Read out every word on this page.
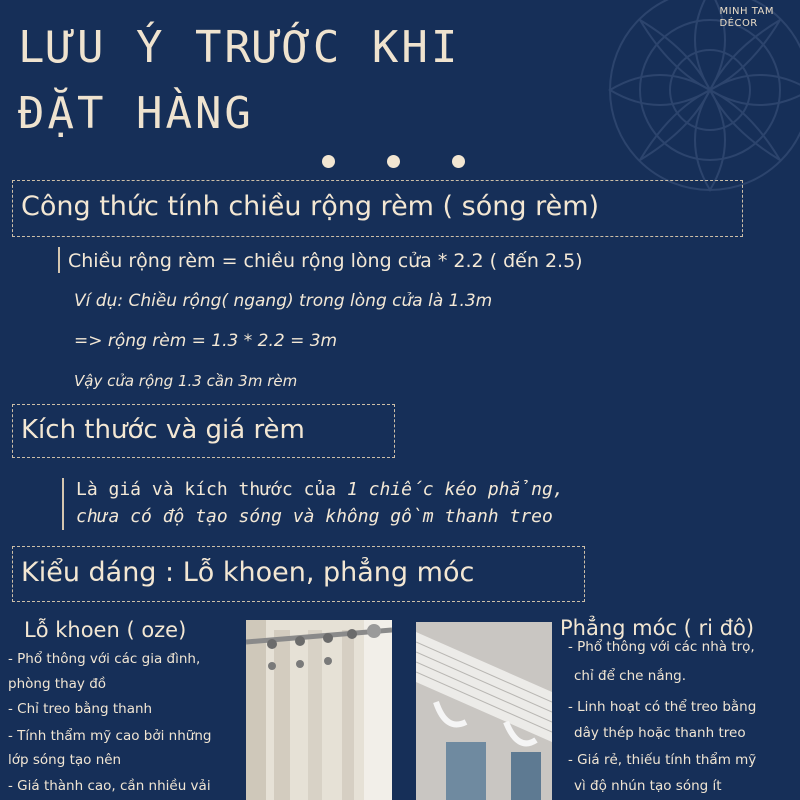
MINH TAM
DÉCOR
LƯU Ý TRƯỚC KHI
ĐẶT HÀNG
Công thức tính chiều rộng rèm ( sóng rèm)
Chiều rộng rèm = chiều rộng lòng cửa * 2.2 ( đến 2.5)
Ví dụ: Chiều rộng( ngang) trong lòng cửa là 1.3m
=> rộng rèm = 1.3 * 2.2 = 3m
Vậy cửa rộng 1.3 cần 3m rèm
Kích thước và giá rèm
Là giá và kích thước của 1 chiếc kéo phẳng,
chưa có độ tạo sóng và không gồm thanh treo
Kiểu dáng : Lỗ khoen, phẳng móc
Lỗ khoen ( oze)
- Phổ thông với các gia đình,
phòng thay đồ
- Chỉ treo bằng thanh
- Tính thẩm mỹ cao bởi những
lớp sóng tạo nên
- Giá thành cao, cần nhiều vải
Phẳng móc ( ri đô)
- Phổ thông với các nhà trọ,
chỉ để che nắng.
- Linh hoạt có thể treo bằng
dây thép hoặc thanh treo
- Giá rẻ, thiếu tính thẩm mỹ
vì độ nhún tạo sóng ít
